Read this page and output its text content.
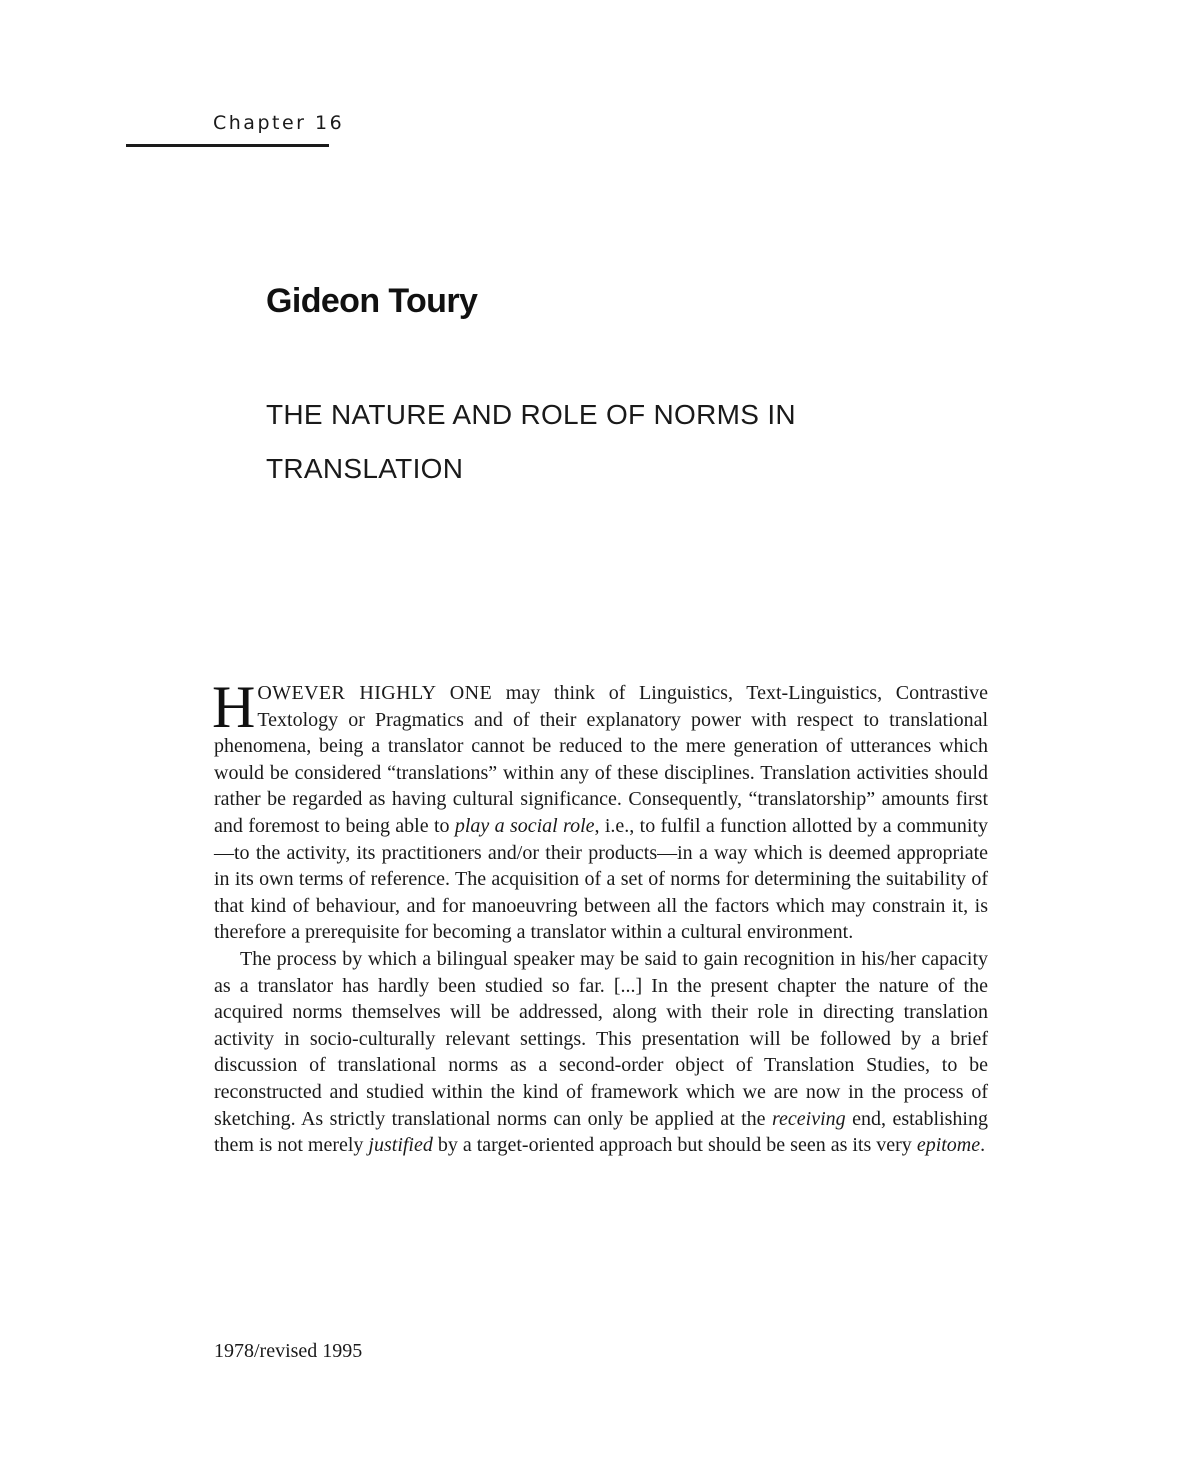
Chapter 16
Gideon Toury
THE NATURE AND ROLE OF NORMS IN TRANSLATION

HOWEVER HIGHLY ONE may think of Linguistics, Text-Linguistics, Contrastive Textology or Pragmatics and of their explanatory power with respect to translational phenomena, being a translator cannot be reduced to the mere generation of utterances which would be considered “translations” within any of these disciplines. Translation activities should rather be regarded as having cultural significance. Consequently, “translatorship” amounts first and foremost to being able to play a social role, i.e., to fulfil a function allotted by a community—to the activity, its practitioners and/or their products—in a way which is deemed appropriate in its own terms of reference. The acquisition of a set of norms for determining the suitability of that kind of behaviour, and for manoeuvring between all the factors which may constrain it, is therefore a prerequisite for becoming a translator within a cultural environment.

The process by which a bilingual speaker may be said to gain recognition in his/her capacity as a translator has hardly been studied so far. [...] In the present chapter the nature of the acquired norms themselves will be addressed, along with their role in directing translation activity in socio-culturally relevant settings. This presentation will be followed by a brief discussion of translational norms as a second-order object of Translation Studies, to be reconstructed and studied within the kind of framework which we are now in the process of sketching. As strictly translational norms can only be applied at the receiving end, establishing them is not merely justified by a target-oriented approach but should be seen as its very epitome.

1978/revised 1995
